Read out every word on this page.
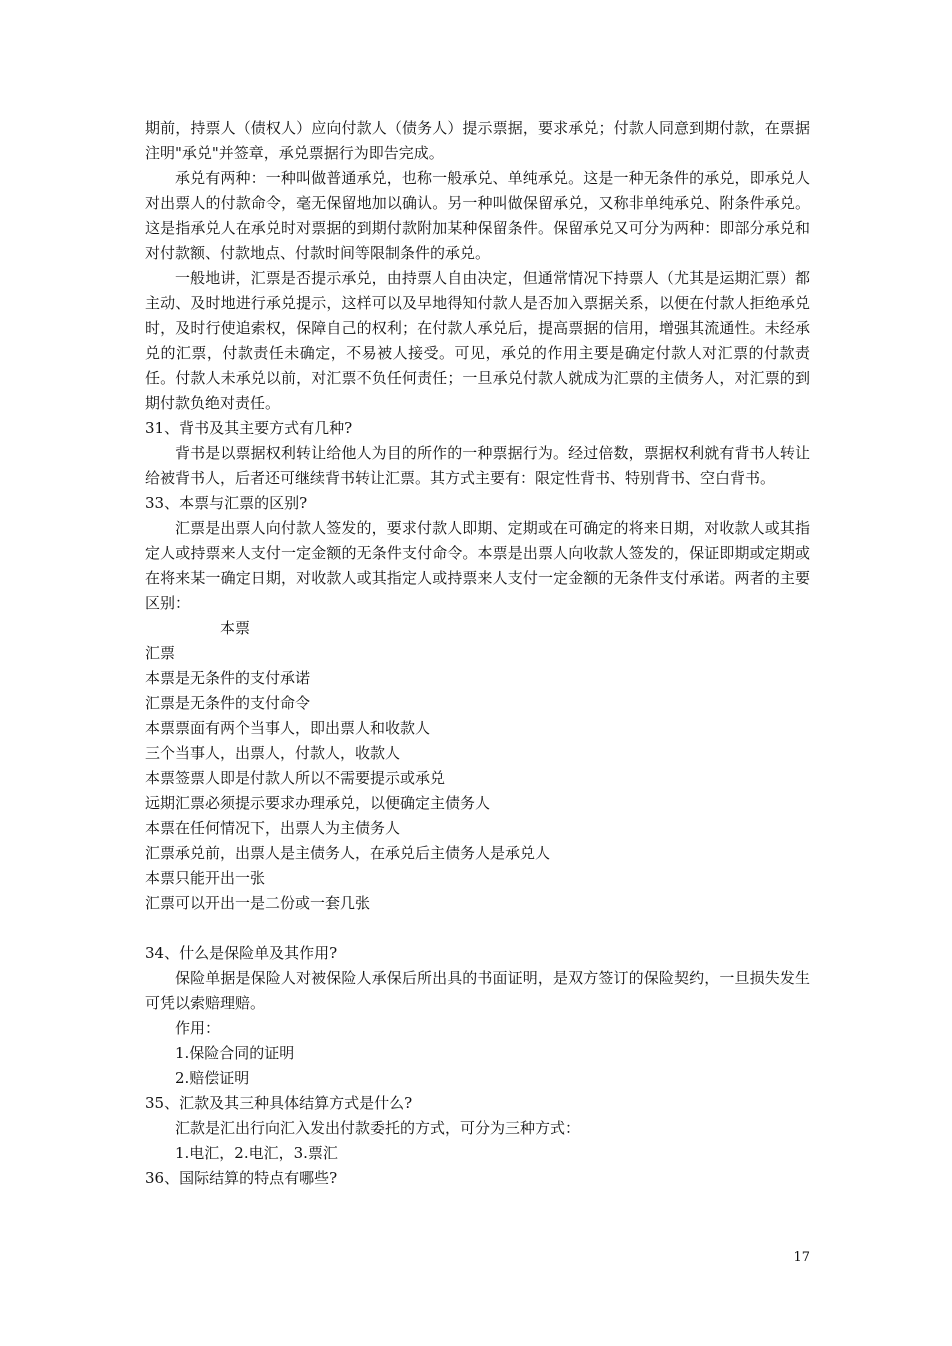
期前，持票人（债权人）应向付款人（债务人）提示票据，要求承兑；付款人同意到期付款，在票据注明"承兑"并签章，承兑票据行为即告完成。

承兑有两种：一种叫做普通承兑，也称一般承兑、单纯承兑。这是一种无条件的承兑，即承兑人对出票人的付款命令，毫无保留地加以确认。另一种叫做保留承兑，又称非单纯承兑、附条件承兑。这是指承兑人在承兑时对票据的到期付款附加某种保留条件。保留承兑又可分为两种：即部分承兑和对付款额、付款地点、付款时间等限制条件的承兑。

一般地讲，汇票是否提示承兑，由持票人自由决定，但通常情况下持票人（尤其是运期汇票）都主动、及时地进行承兑提示，这样可以及早地得知付款人是否加入票据关系，以便在付款人拒绝承兑时，及时行使追索权，保障自己的权利；在付款人承兑后，提高票据的信用，增强其流通性。未经承兑的汇票，付款责任未确定，不易被人接受。可见，承兑的作用主要是确定付款人对汇票的付款责任。付款人未承兑以前，对汇票不负任何责任；一旦承兑付款人就成为汇票的主债务人，对汇票的到期付款负绝对责任。

31、背书及其主要方式有几种?

背书是以票据权利转让给他人为目的所作的一种票据行为。经过倍数，票据权利就有背书人转让给被背书人，后者还可继续背书转让汇票。其方式主要有：限定性背书、特别背书、空白背书。

33、本票与汇票的区别?

汇票是出票人向付款人签发的，要求付款人即期、定期或在可确定的将来日期，对收款人或其指定人或持票来人支付一定金额的无条件支付命令。本票是出票人向收款人签发的，保证即期或定期或在将来某一确定日期，对收款人或其指定人或持票来人支付一定金额的无条件支付承诺。两者的主要区别：

本票

汇票

本票是无条件的支付承诺

汇票是无条件的支付命令

本票票面有两个当事人，即出票人和收款人

三个当事人，出票人，付款人，收款人

本票签票人即是付款人所以不需要提示或承兑

远期汇票必须提示要求办理承兑，以便确定主债务人

本票在任何情况下，出票人为主债务人

汇票承兑前，出票人是主债务人，在承兑后主债务人是承兑人

本票只能开出一张

汇票可以开出一是二份或一套几张

34、什么是保险单及其作用?

保险单据是保险人对被保险人承保后所出具的书面证明，是双方签订的保险契约，一旦损失发生可凭以索赔理赔。

作用：

1.保险合同的证明

2.赔偿证明

35、汇款及其三种具体结算方式是什么?

汇款是汇出行向汇入发出付款委托的方式，可分为三种方式：

1.电汇，2.电汇，3.票汇

36、国际结算的特点有哪些?

17
